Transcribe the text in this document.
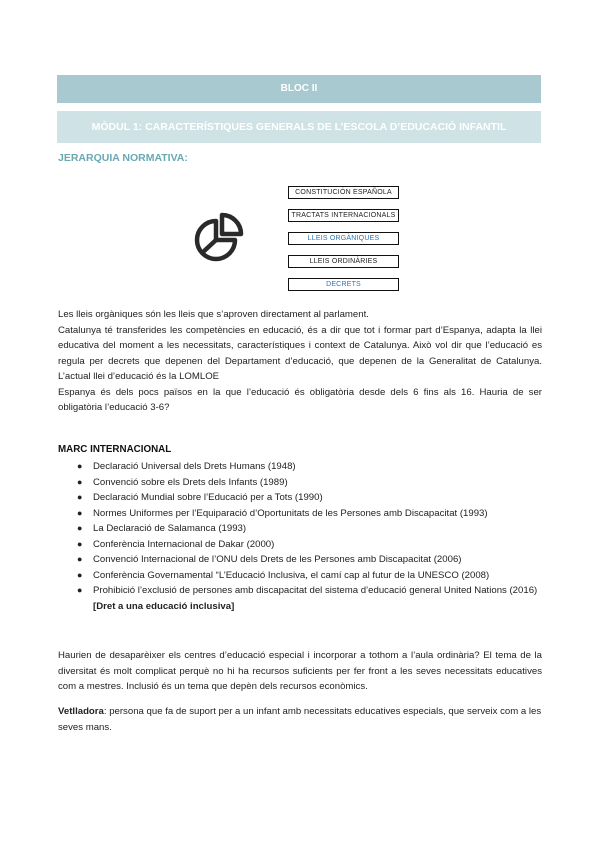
BLOC II
MÒDUL 1: CARACTERÍSTIQUES GENERALS DE L’ESCOLA D’EDUCACIÓ INFANTIL
JERARQUIA NORMATIVA:
CONSTITUCIÓN ESPAÑOLA
TRACTATS INTERNACIONALS
LLEIS ORGÀNIQUES
LLEIS ORDINÀRIES
DECRETS

Les lleis orgàniques són les lleis que s’aproven directament al parlament.

Catalunya té transferides les competències en educació, és a dir que tot i formar part d’Espanya, adapta la llei educativa del moment a les necessitats, característiques i context de Catalunya. Això vol dir que l’educació es regula per decrets que depenen del Departament d’educació, que depenen de la Generalitat de Catalunya. L’actual llei d’educació és la LOMLOE

Espanya és dels pocs països en la que l’educació és obligatòria desde dels 6 fins als 16. Hauria de ser obligatòria l’educació 3-6?

MARC INTERNACIONAL
● Declaració Universal dels Drets Humans (1948)
● Convenció sobre els Drets dels Infants (1989)
● Declaració Mundial sobre l’Educació per a Tots (1990)
● Normes Uniformes per l’Equiparació d’Oportunitats de les Persones amb Discapacitat (1993)
● La Declaració de Salamanca (1993)
● Conferència Internacional de Dakar (2000)
● Convenció Internacional de l’ONU dels Drets de les Persones amb Discapacitat (2006)
● Conferència Governamental “L’Educació Inclusiva, el camí cap al futur de la UNESCO (2008)
● Prohibició l’exclusió de persones amb discapacitat del sistema d’educació general United Nations (2016) [Dret a una educació inclusiva]

Haurien de desaparèixer els centres d’educació especial i incorporar a tothom a l’aula ordinària? El tema de la diversitat és molt complicat perquè no hi ha recursos suficients per fer front a les seves necessitats educatives com a mestres. Inclusió és un tema que depèn dels recursos econòmics.

Vetlladora: persona que fa de suport per a un infant amb necessitats educatives especials, que serveix com a les seves mans.
